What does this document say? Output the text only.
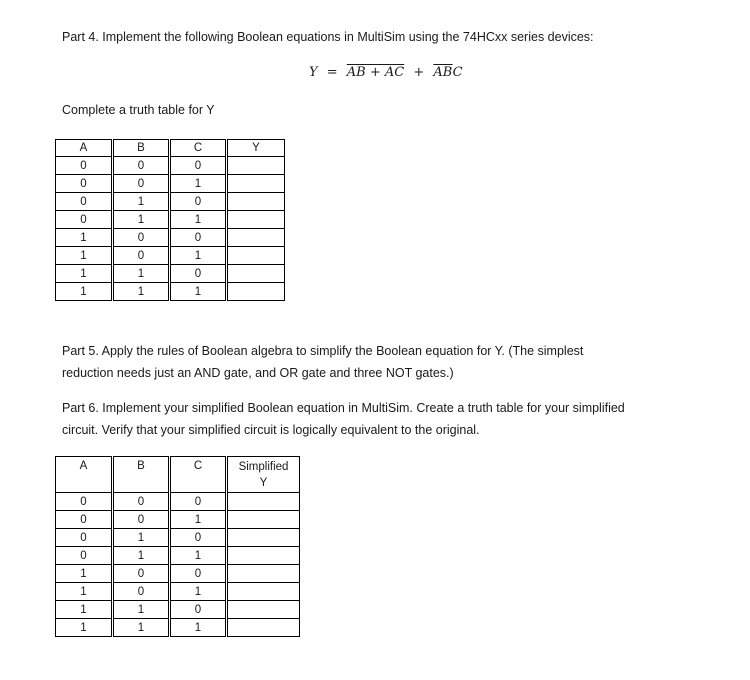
Part 4. Implement the following Boolean equations in MultiSim using the 74HCxx series devices:
Y = AB + AC + $\overline{AB}C$
Complete a truth table for Y
A	B	C	Y
0	0	0	
0	0	1	
0	1	0	
0	1	1	
1	0	0	
1	0	1	
1	1	0	
1	1	1	
Part 5. Apply the rules of Boolean algebra to simplify the Boolean equation for Y. (The simplest
reduction needs just an AND gate, and OR gate and three NOT gates.)
Part 6. Implement your simplified Boolean equation in MultiSim. Create a truth table for your simplified
circuit. Verify that your simplified circuit is logically equivalent to the original.
A	B	C	Simplified
Y

0	0	0	
0	0	1	
0	1	0	
0	1	1	
1	0	0	
1	0	1	
1	1	0	
1	1	1	
